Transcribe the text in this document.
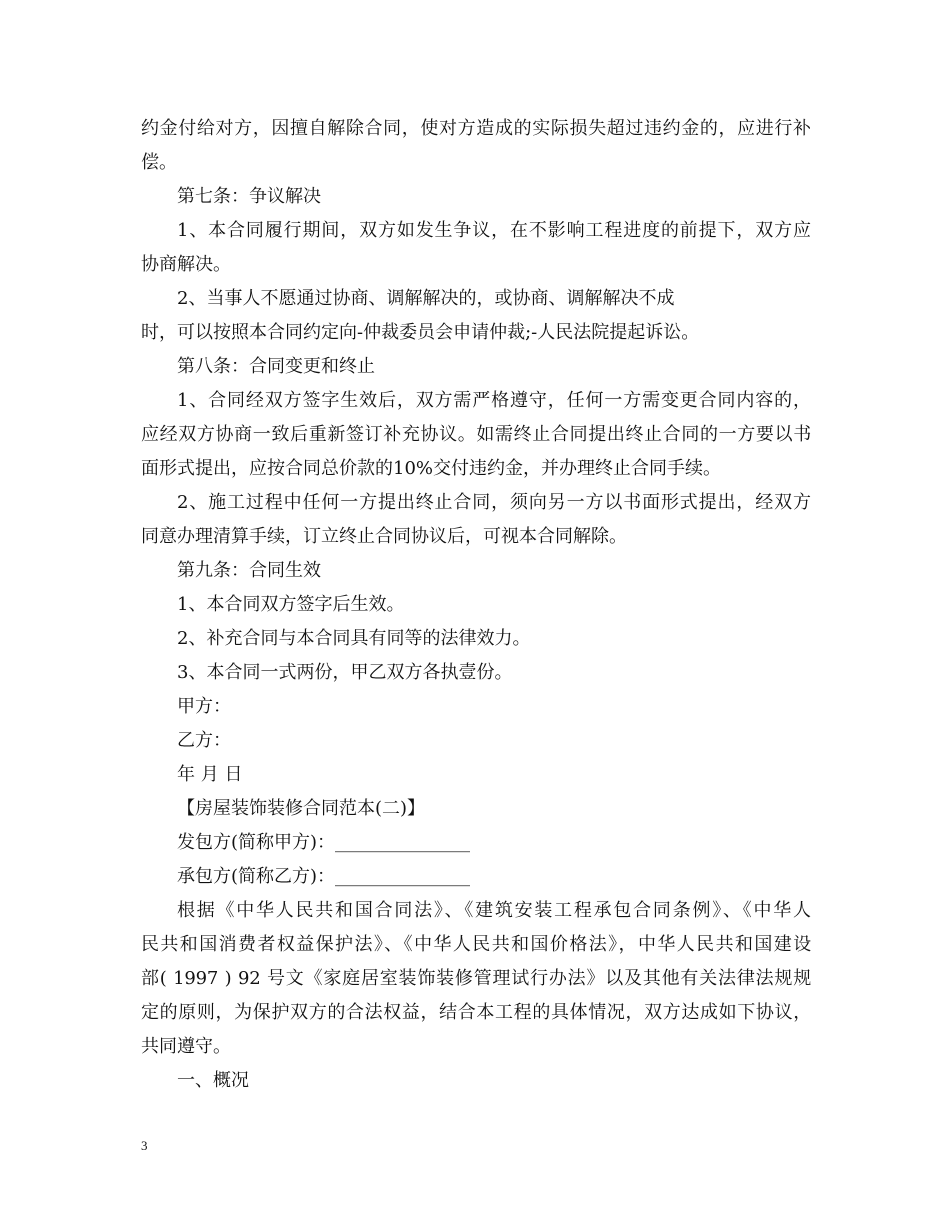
约金付给对方，因擅自解除合同，使对方造成的实际损失超过违约金的，应进行补

偿。

第七条：争议解决

1、本合同履行期间，双方如发生争议，在不影响工程进度的前提下，双方应

协商解决。

2、当事人不愿通过协商、调解解决的，或协商、调解解决不成

时，可以按照本合同约定向-仲裁委员会申请仲裁;-人民法院提起诉讼。

第八条：合同变更和终止

1、合同经双方签字生效后，双方需严格遵守，任何一方需变更合同内容的，

应经双方协商一致后重新签订补充协议。如需终止合同提出终止合同的一方要以书

面形式提出，应按合同总价款的10%交付违约金，并办理终止合同手续。

2、施工过程中任何一方提出终止合同，须向另一方以书面形式提出，经双方

同意办理清算手续，订立终止合同协议后，可视本合同解除。

第九条：合同生效

1、本合同双方签字后生效。

2、补充合同与本合同具有同等的法律效力。

3、本合同一式两份，甲乙双方各执壹份。

甲方：

乙方：

年 月 日

【房屋装饰装修合同范本(二)】

发包方(简称甲方)：_______________

承包方(简称乙方)：_______________

根据《中华人民共和国合同法》、《建筑安装工程承包合同条例》、《中华人

民共和国消费者权益保护法》、《中华人民共和国价格法》，中华人民共和国建设

部( 1997 ) 92 号文《家庭居室装饰装修管理试行办法》以及其他有关法律法规规

定的原则，为保护双方的合法权益，结合本工程的具体情况，双方达成如下协议，

共同遵守。

一、概况

3
